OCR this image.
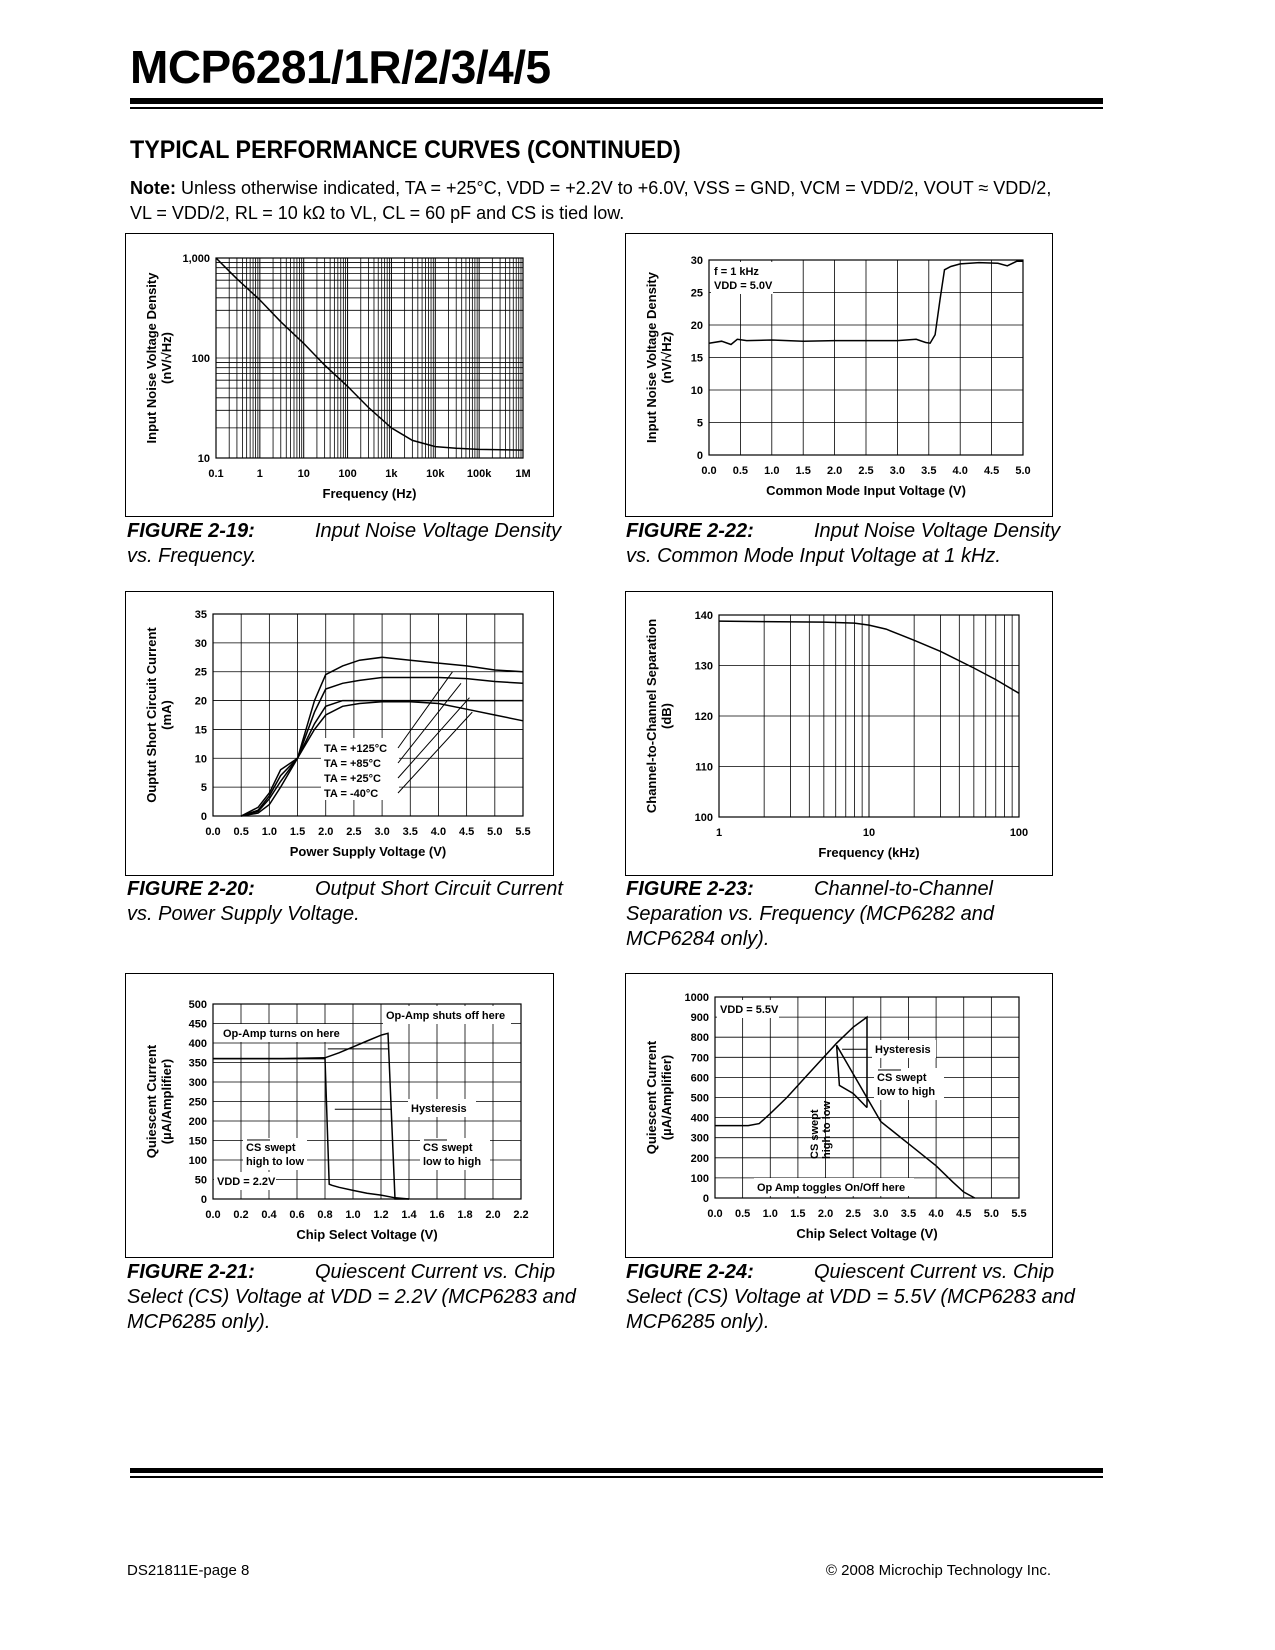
MCP6281/1R/2/3/4/5
TYPICAL PERFORMANCE CURVES (CONTINUED)
Note: Unless otherwise indicated, TA = +25°C, VDD = +2.2V to +6.0V, VSS = GND, VCM = VDD/2, VOUT ≈ VDD/2,
VL = VDD/2, RL = 10 kΩ to VL, CL = 60 pF and CS is tied low.
0.1	1	10	100	1k	10k 100k 1M
10
100
1,000
Frequency (Hz)
Input Noise Voltage Density (nV/√Hz)
0.0 0.5 1.0 1.5 2.0 2.5 3.0 3.5 4.0 4.5 5.0
0
5
10
15
20
25
30
Common Mode Input Voltage (V)
Input Noise Voltage Density (nV/√Hz)
f = 1 kHz
VDD = 5.0V
0.0 0.5 1.0 1.5 2.0 2.5 3.0 3.5 4.0 4.5 5.0 5.5
0
5
10
15
20
25
30
35
Power Supply Voltage (V)
Ouptut Short Circuit Current (mA)
TA = +125°C
TA = +85°C
TA = +25°C
TA = -40°C
1	10	100
100
110
120
130
140
Frequency (kHz)
Channel-to-Channel Separation (dB)
0.0 0.2 0.4 0.6 0.8 1.0 1.2 1.4 1.6 1.8 2.0 2.2
0
50
100
150
200
250
300
350
400
450
500
Chip Select Voltage (V)
Quiescent Current (µA/Amplifier)
Op-Amp turns on here
Op-Amp shuts off here
Hysteresis
CS swept
high to low
CS swept
low to high
VDD = 2.2V
0.0 0.5 1.0 1.5 2.0 2.5 3.0 3.5 4.0 4.5 5.0 5.5
0
100
200
300
400
500
600
700
800
900
1000
Chip Select Voltage (V)
Quiescent Current (µA/Amplifier)
VDD = 5.5V
Hysteresis
CS swept
low to high
CS swept high to low
Op Amp toggles On/Off here
FIGURE 2-19:	Input Noise Voltage Density vs. Frequency.
FIGURE 2-22:	Input Noise Voltage Density vs. Common Mode Input Voltage at 1 kHz.
FIGURE 2-20:	Output Short Circuit Current vs. Power Supply Voltage.
FIGURE 2-23:	Channel-to-Channel Separation vs. Frequency (MCP6282 and MCP6284 only).
FIGURE 2-21:	Quiescent Current vs. Chip Select (CS) Voltage at VDD = 2.2V (MCP6283 and MCP6285 only).
FIGURE 2-24:	Quiescent Current vs. Chip Select (CS) Voltage at VDD = 5.5V (MCP6283 and MCP6285 only).
DS21811E-page 8	© 2008 Microchip Technology Inc.
